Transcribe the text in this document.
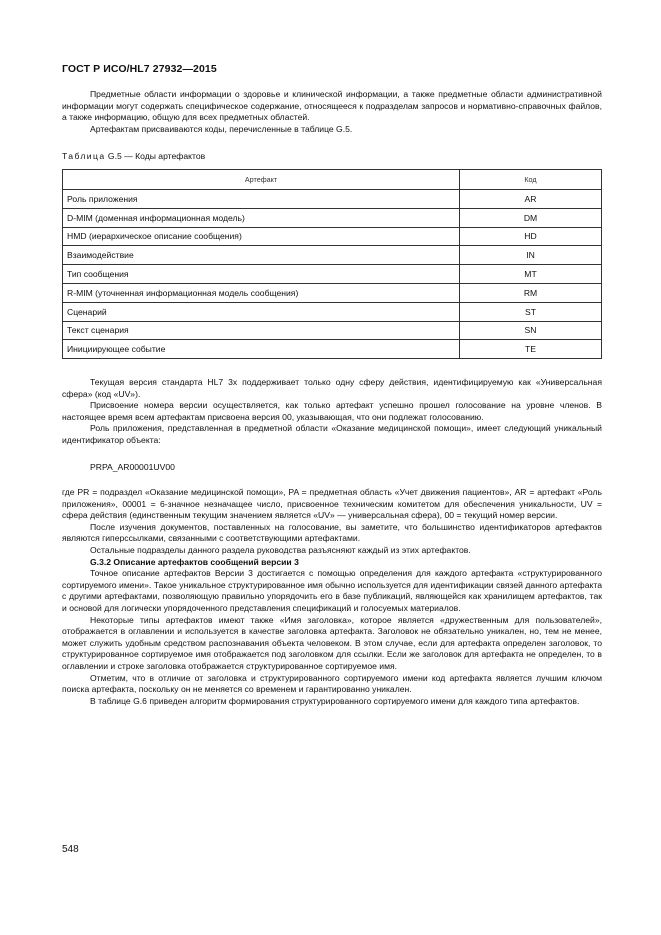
ГОСТ Р ИСО/HL7 27932—2015

Предметные области информации о здоровье и клинической информации, а также предметные области административной информации могут содержать специфическое содержание, относящееся к подразделам запросов и нормативно-справочных файлов, а также информацию, общую для всех предметных областей.

Артефактам присваиваются коды, перечисленные в таблице G.5.

Таблица G.5 — Коды артефактов
Артефакт	Код
Роль приложения	AR
D-MIM (доменная информационная модель)	DM
HMD (иерархическое описание сообщения)	HD
Взаимодействие	IN
Тип сообщения	MT
R-MIM (уточненная информационная модель сообщения)	RM
Сценарий	ST
Текст сценария	SN
Инициирующее событие	TE

Текущая версия стандарта HL7 3x поддерживает только одну сферу действия, идентифицируемую как «Универсальная сфера» (код «UV»).

Присвоение номера версии осуществляется, как только артефакт успешно прошел голосование на уровне членов. В настоящее время всем артефактам присвоена версия 00, указывающая, что они подлежат голосованию.

Роль приложения, представленная в предметной области «Оказание медицинской помощи», имеет следующий уникальный идентификатор объекта:

PRPA_AR00001UV00

где PR = подраздел «Оказание медицинской помощи», PA = предметная область «Учет движения пациентов», AR = артефакт «Роль приложения», 00001 = 6-значное незначащее число, присвоенное техническим комитетом для обеспечения уникальности, UV = сфера действия (единственным текущим значением является «UV» — универсальная сфера), 00 = текущий номер версии.

После изучения документов, поставленных на голосование, вы заметите, что большинство идентификаторов артефактов являются гиперссылками, связанными с соответствующими артефактами.

Остальные подразделы данного раздела руководства разъясняют каждый из этих артефактов.

G.3.2 Описание артефактов сообщений версии 3

Точное описание артефактов Версии 3 достигается с помощью определения для каждого артефакта «структурированного сортируемого имени». Такое уникальное структурированное имя обычно используется для идентификации связей данного артефакта с другими артефактами, позволяющую правильно упорядочить его в базе публикаций, являющейся как хранилищем артефактов, так и основой для логически упорядоченного представления спецификаций и голосуемых материалов.

Некоторые типы артефактов имеют также «Имя заголовка», которое является «дружественным для пользователей», отображается в оглавлении и используется в качестве заголовка артефакта. Заголовок не обязательно уникален, но, тем не менее, может служить удобным средством распознавания объекта человеком. В этом случае, если для артефакта определен заголовок, то структурированное сортируемое имя отображается под заголовком для ссылки. Если же заголовок для артефакта не определен, то в оглавлении и строке заголовка отображается структурированное сортируемое имя.

Отметим, что в отличие от заголовка и структурированного сортируемого имени код артефакта является лучшим ключом поиска артефакта, поскольку он не меняется со временем и гарантированно уникален.

В таблице G.6 приведен алгоритм формирования структурированного сортируемого имени для каждого типа артефактов.

548
